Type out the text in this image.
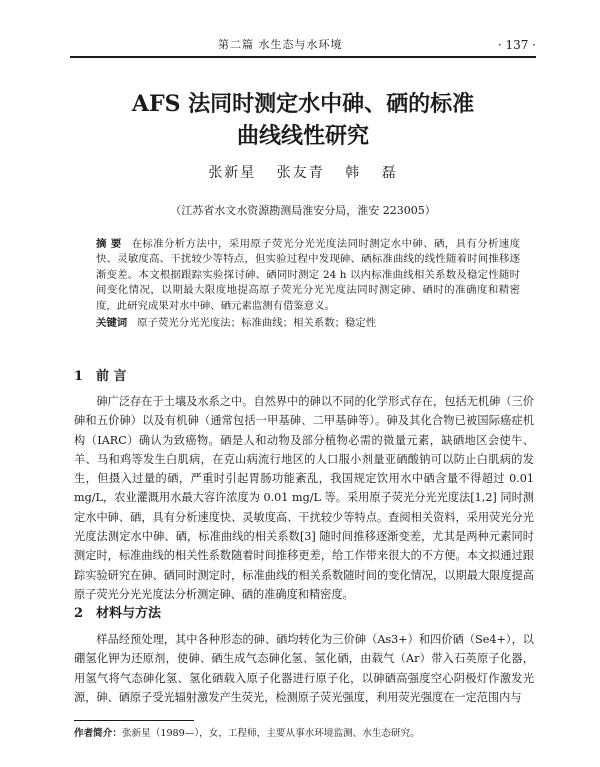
第二篇 水生态与水环境	· 137 ·
AFS 法同时测定水中砷、硒的标准
曲线线性研究
张新星 张友青 韩 磊
（江苏省水文水资源勘测局淮安分局，淮安 223005）
摘 要 在标准分析方法中，采用原子荧光分光光度法同时测定水中砷、硒，具有分析速度快、灵敏度高、干扰较少等特点，但实验过程中发现砷、硒标准曲线的线性随着时间推移逐渐变差。本文根据跟踪实验探讨砷、硒同时测定 24 h 以内标准曲线相关系数及稳定性随时间变化情况，以期最大限度地提高原子荧光分光光度法同时测定砷、硒时的准确度和精密度，此研究成果对水中砷、硒元素监测有借鉴意义。
关键词 原子荧光分光光度法；标准曲线；相关系数；稳定性
1 前 言
砷广泛存在于土壤及水系之中。自然界中的砷以不同的化学形式存在，包括无机砷（三价砷和五价砷）以及有机砷（通常包括一甲基砷、二甲基砷等）。砷及其化合物已被国际癌症机构（IARC）确认为致癌物。硒是人和动物及部分植物必需的微量元素，缺硒地区会使牛、羊、马和鸡等发生白肌病，在克山病流行地区的人口服小剂量亚硒酸钠可以防止白肌病的发生，但摄入过量的硒，严重时引起胃肠功能紊乱，我国规定饮用水中硒含量不得超过 0.01 mg/L，农业灌溉用水最大容许浓度为 0.01 mg/L 等。采用原子荧光分光光度法[1,2] 同时测定水中砷、硒，具有分析速度快、灵敏度高、干扰较少等特点。查阅相关资料，采用荧光分光光度法测定水中砷、硒，标准曲线的相关系数[3] 随时间推移逐渐变差，尤其是两种元素同时测定时，标准曲线的相关性系数随着时间推移更差，给工作带来很大的不方便。本文拟通过跟踪实验研究在砷、硒同时测定时，标准曲线的相关系数随时间的变化情况，以期最大限度提高原子荧光分光光度法分析测定砷、硒的准确度和精密度。
2 材料与方法
样品经预处理，其中各种形态的砷、硒均转化为三价砷（As3+）和四价硒（Se4+），以硼氢化钾为还原剂，使砷、硒生成气态砷化氢、氢化硒，由载气（Ar）带入石英原子化器，用氢气将气态砷化氢、氢化硒载入原子化器进行原子化，以砷硒高强度空心阴极灯作激发光源，砷、硒原子受光辐射激发产生荧光，检测原子荧光强度，利用荧光强度在一定范围内与
作者简介：张新星（1989—），女，工程师，主要从事水环境监测、水生态研究。
